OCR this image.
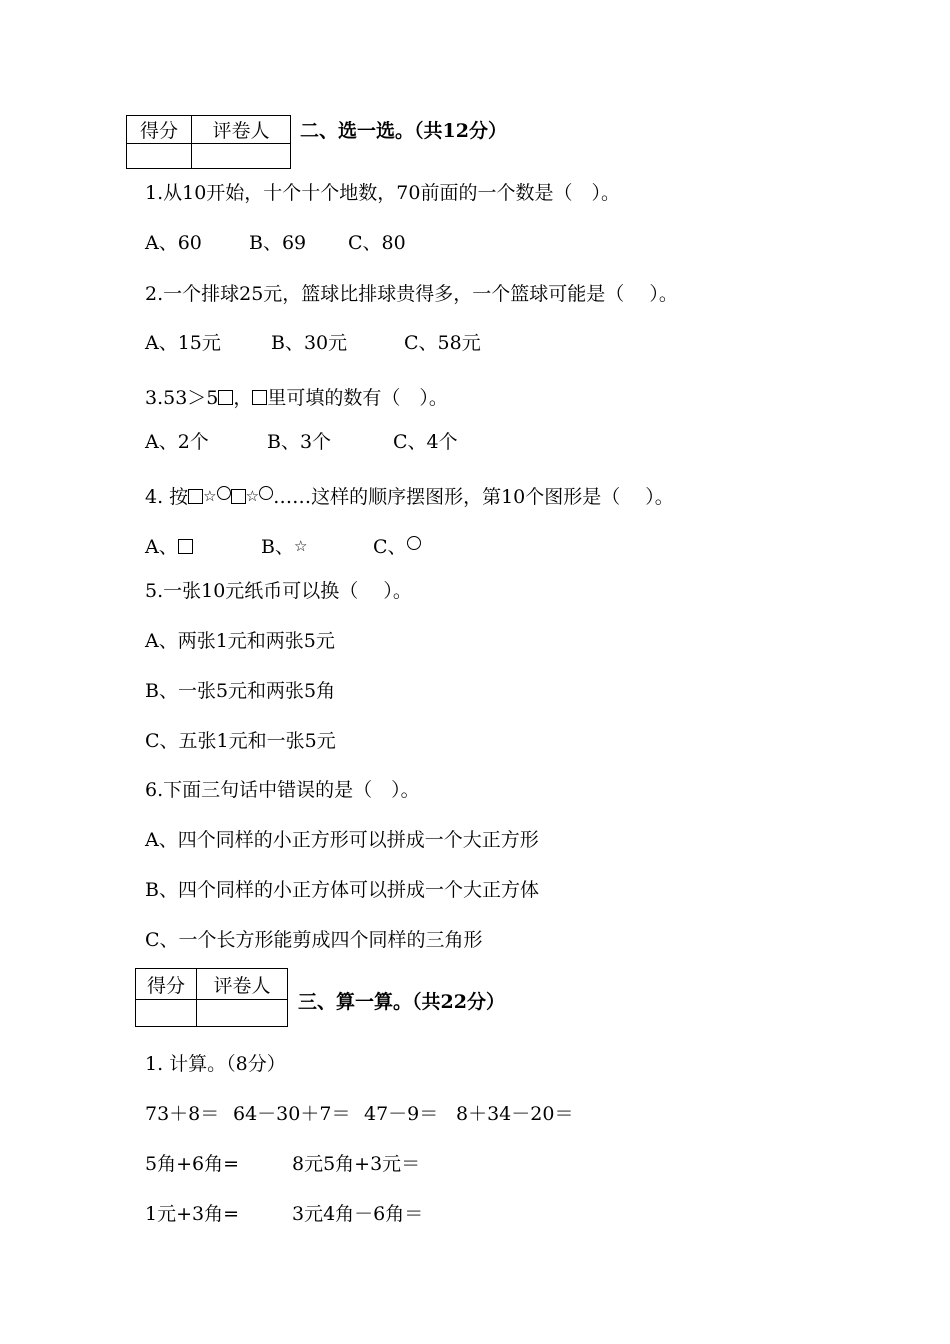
得分	评卷人
	二、选一选。（共12分）
1.从10开始，十个十个地数，70前面的一个数是（　）。
A、60 B、69 C、80
2.一个排球25元，篮球比排球贵得多，一个篮球可能是（　 ）。
A、15元	B、30元	C、58元
3.53＞5 ， 里可填的数有（　）。
A、2个	B、3个	C、4个
4. 按 ☆ ☆ ……这样的顺序摆图形，第10个图形是（　 ）。
A、	B、☆	C、
5.一张10元纸币可以换（　 ）。
A、两张1元和两张5元
B、一张5元和两张5角
C、五张1元和一张5元
6.下面三句话中错误的是（　）。
A、四个同样的小正方形可以拼成一个大正方形
B、四个同样的小正方体可以拼成一个大正方体
C、一个长方形能剪成四个同样的三角形
得分	评卷人

三、算一算。（共22分）
1. 计算。（8分）
73＋8＝ 64－30＋7＝ 47－9＝ 8＋34－20＝
5角+6角=	8元5角+3元＝
1元+3角=	3元4角－6角＝
